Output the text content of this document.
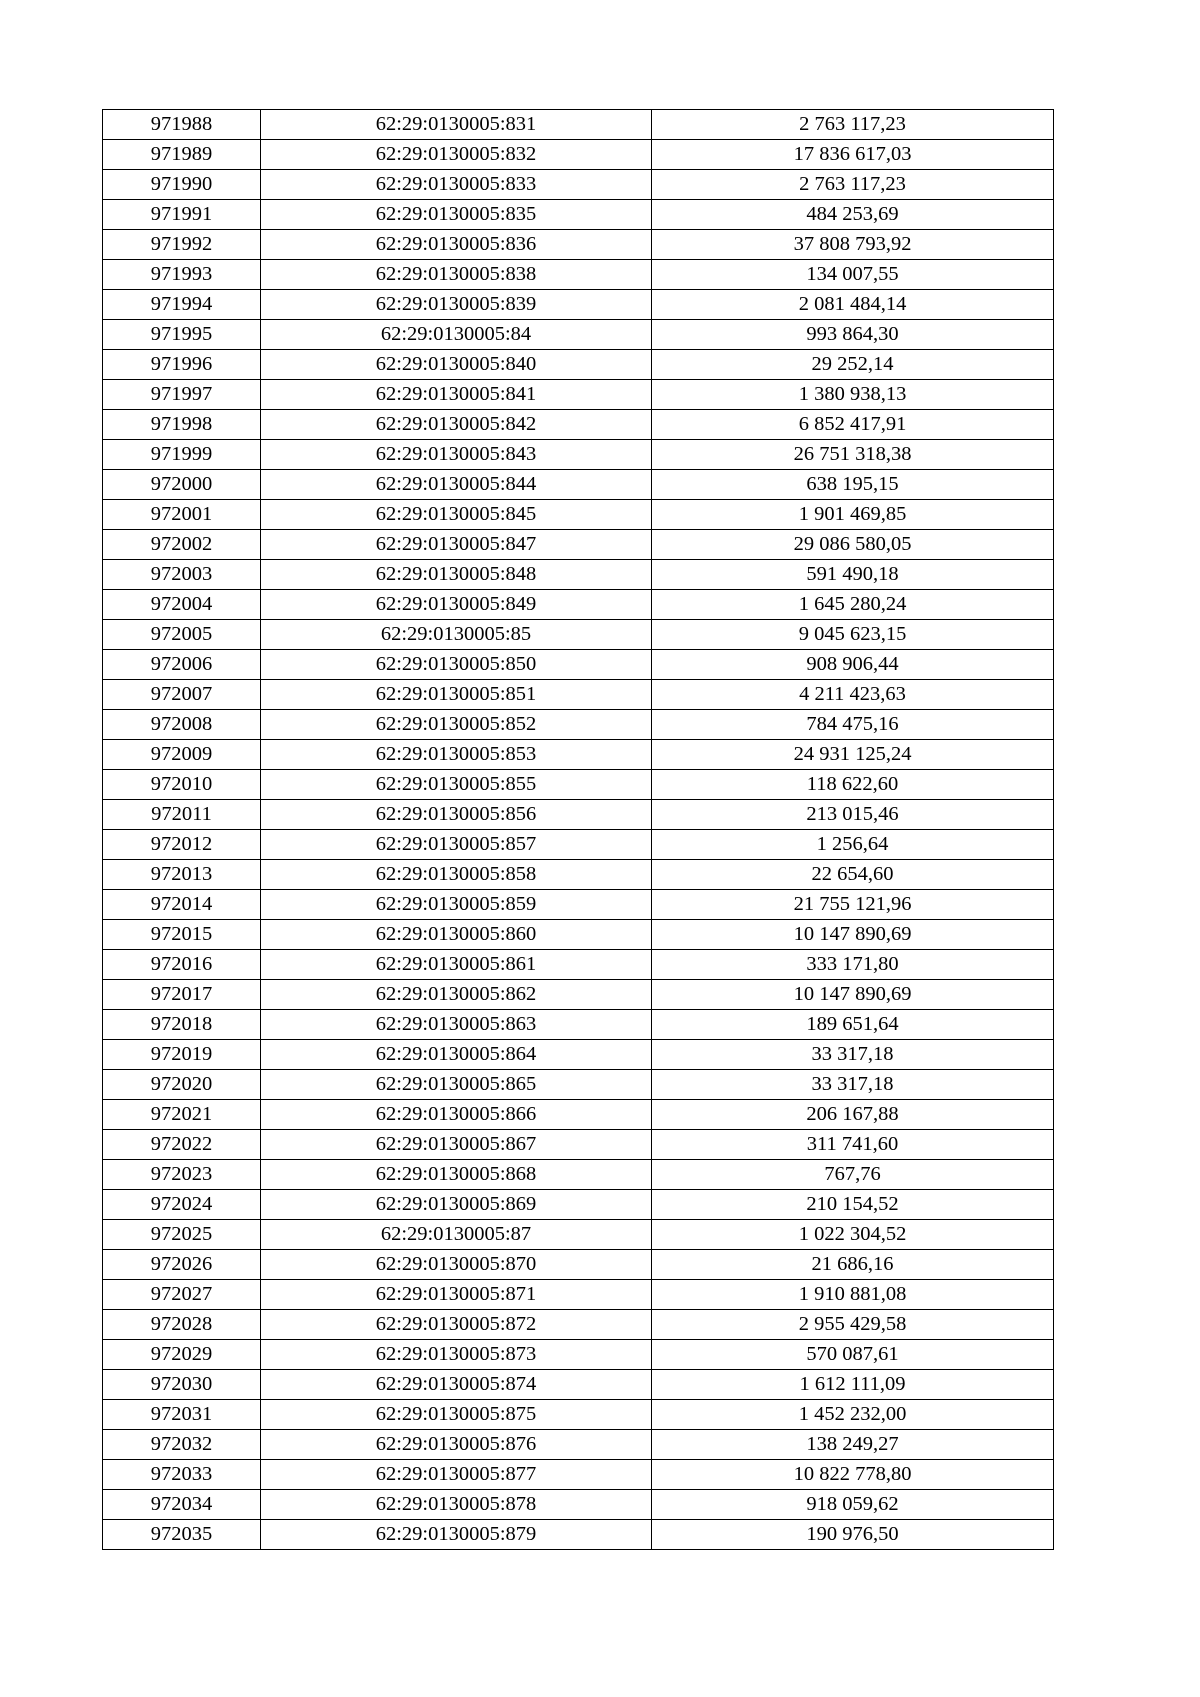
971988	62:29:0130005:831	2 763 117,23
971989	62:29:0130005:832	17 836 617,03
971990	62:29:0130005:833	2 763 117,23
971991	62:29:0130005:835	484 253,69
971992	62:29:0130005:836	37 808 793,92
971993	62:29:0130005:838	134 007,55
971994	62:29:0130005:839	2 081 484,14
971995	62:29:0130005:84	993 864,30
971996	62:29:0130005:840	29 252,14
971997	62:29:0130005:841	1 380 938,13
971998	62:29:0130005:842	6 852 417,91
971999	62:29:0130005:843	26 751 318,38
972000	62:29:0130005:844	638 195,15
972001	62:29:0130005:845	1 901 469,85
972002	62:29:0130005:847	29 086 580,05
972003	62:29:0130005:848	591 490,18
972004	62:29:0130005:849	1 645 280,24
972005	62:29:0130005:85	9 045 623,15
972006	62:29:0130005:850	908 906,44
972007	62:29:0130005:851	4 211 423,63
972008	62:29:0130005:852	784 475,16
972009	62:29:0130005:853	24 931 125,24
972010	62:29:0130005:855	118 622,60
972011	62:29:0130005:856	213 015,46
972012	62:29:0130005:857	1 256,64
972013	62:29:0130005:858	22 654,60
972014	62:29:0130005:859	21 755 121,96
972015	62:29:0130005:860	10 147 890,69
972016	62:29:0130005:861	333 171,80
972017	62:29:0130005:862	10 147 890,69
972018	62:29:0130005:863	189 651,64
972019	62:29:0130005:864	33 317,18
972020	62:29:0130005:865	33 317,18
972021	62:29:0130005:866	206 167,88
972022	62:29:0130005:867	311 741,60
972023	62:29:0130005:868	767,76
972024	62:29:0130005:869	210 154,52
972025	62:29:0130005:87	1 022 304,52
972026	62:29:0130005:870	21 686,16
972027	62:29:0130005:871	1 910 881,08
972028	62:29:0130005:872	2 955 429,58
972029	62:29:0130005:873	570 087,61
972030	62:29:0130005:874	1 612 111,09
972031	62:29:0130005:875	1 452 232,00
972032	62:29:0130005:876	138 249,27
972033	62:29:0130005:877	10 822 778,80
972034	62:29:0130005:878	918 059,62
972035	62:29:0130005:879	190 976,50
